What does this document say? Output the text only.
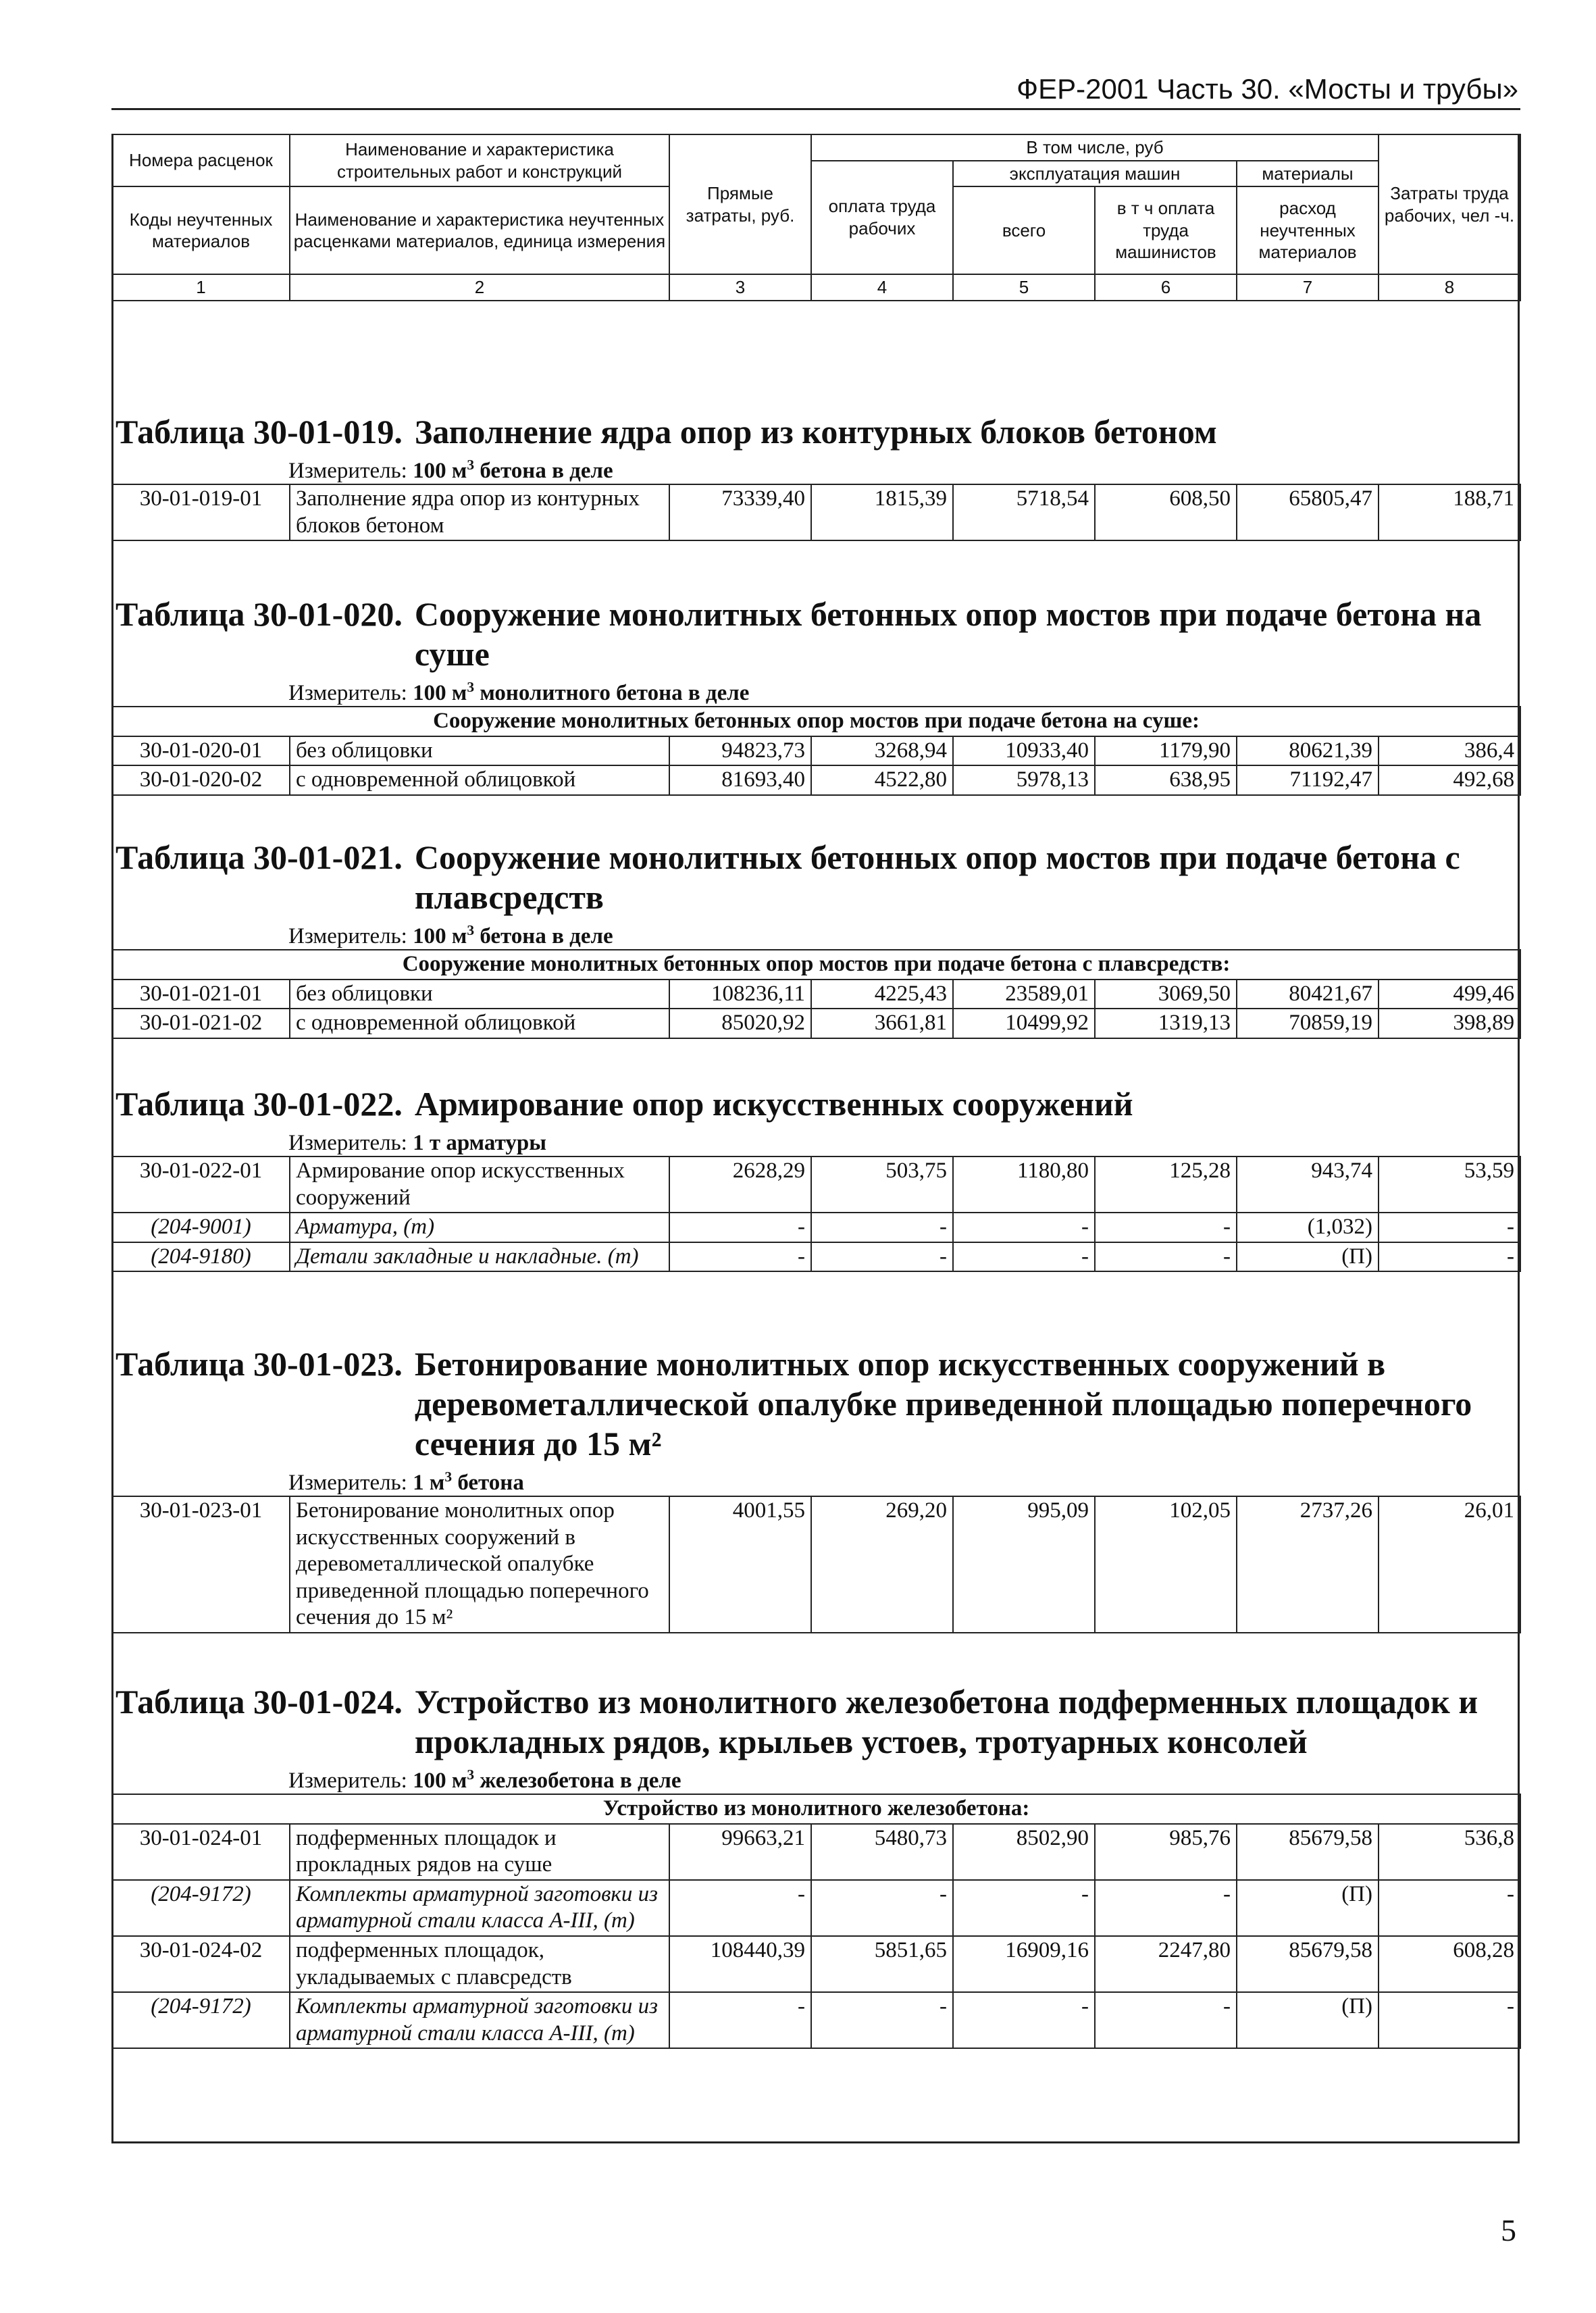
ФЕР-2001 Часть 30. «Мосты и трубы»
Номера расценок	Наименование и характеристика строительных работ и конструкций	Прямые затраты, руб.	В том числе, руб				Затраты труда рабочих, чел -ч.
			оплата труда рабочих	эксплуатация машин		материалы	
Коды неучтенных материалов	Наименование и характеристика неучтенных расценками материалов, единица измерения			всего	в т ч оплата труда машинистов	расход неучтенных материалов	

1	2	3	4	5	6	7	8
Таблица 30-01-019. Заполнение ядра опор из контурных блоков бетоном
Измеритель: 100 $м^3$ бетона в деле
30-01-019-01	Заполнение ядра опор из контурных блоков бетоном	73339,40	1815,39	5718,54	608,50	65805,47	188,71
Таблица 30-01-020. Сооружение монолитных бетонных опор мостов при подаче бетона на суше
Измеритель: 100 $м^3$ монолитного бетона в деле
Сооружение монолитных бетонных опор мостов при подаче бетона на суше:							
30-01-020-01	без облицовки	94823,73	3268,94	10933,40	1179,90	80621,39	386,4
30-01-020-02	с одновременной облицовкой	81693,40	4522,80	5978,13	638,95	71192,47	492,68
Таблица 30-01-021. Сооружение монолитных бетонных опор мостов при подаче бетона с плавсредств
Измеритель: 100 $м^3$ бетона в деле
Сооружение монолитных бетонных опор мостов при подаче бетона с плавсредств:							
30-01-021-01	без облицовки	108236,11	4225,43	23589,01	3069,50	80421,67	499,46
30-01-021-02	с одновременной облицовкой	85020,92	3661,81	10499,92	1319,13	70859,19	398,89
Таблица 30-01-022. Армирование опор искусственных сооружений
Измеритель: 1 т арматуры
30-01-022-01	Армирование опор искусственных сооружений	2628,29	503,75	1180,80	125,28	943,74	53,59
(204-9001)	Арматура, (т)	-	-	-	-	(1,032)	-
(204-9180)	Детали закладные и накладные. (т)	-	-	-	-	(П)	-
Таблица 30-01-023. Бетонирование монолитных опор искусственных сооружений в деревометаллической опалубке приведенной площадью поперечного сечения до 15 м²
Измеритель: 1 $м^3$ бетона
30-01-023-01	Бетонирование монолитных опор искусственных сооружений в деревометаллической опалубке приведенной площадью поперечного сечения до 15 м²	4001,55	269,20	995,09	102,05	2737,26	26,01
Таблица 30-01-024. Устройство из монолитного железобетона подферменных площадок и прокладных рядов, крыльев устоев, тротуарных консолей
Измеритель: 100 $м^3$ железобетона в деле
Устройство из монолитного железобетона:							
30-01-024-01	подферменных площадок и прокладных рядов на суше	99663,21	5480,73	8502,90	985,76	85679,58	536,8
(204-9172)	Комплекты арматурной заготовки из арматурной стали класса А-III, (т)	-	-	-	-	(П)	-
30-01-024-02	подферменных площадок, укладываемых с плавсредств	108440,39	5851,65	16909,16	2247,80	85679,58	608,28
(204-9172)	Комплекты арматурной заготовки из арматурной стали класса А-III, (т)	-	-	-	-	(П)	-
5
